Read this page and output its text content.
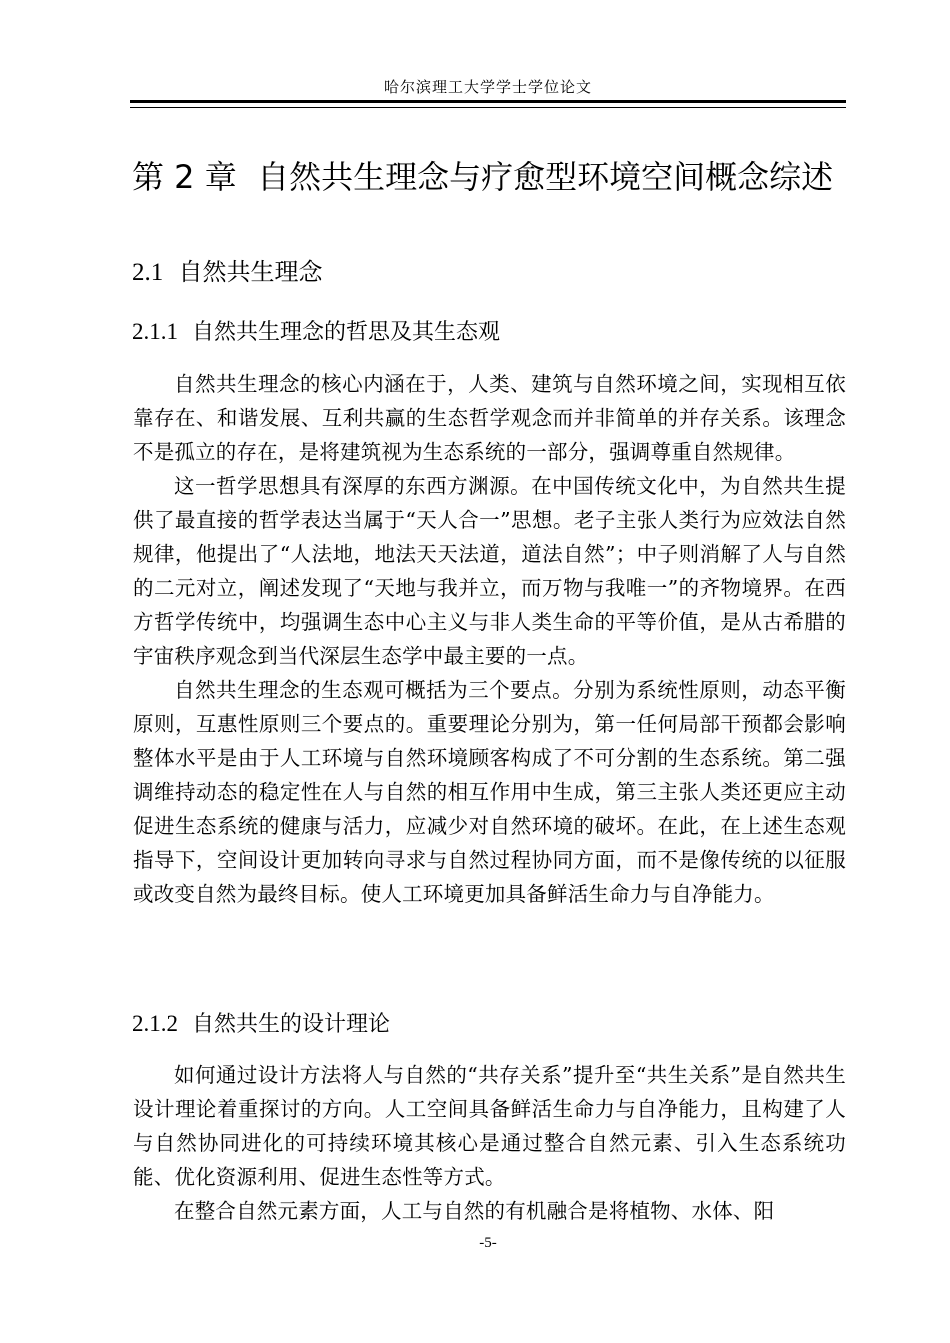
哈尔滨理工大学学士学位论文
第 2 章 自然共生理念与疗愈型环境空间概念综述
2.1 自然共生理念
2.1.1 自然共生理念的哲思及其生态观

自然共生理念的核心内涵在于，人类、建筑与自然环境之间，实现相互依靠存在、和谐发展、互利共赢的生态哲学观念而并非简单的并存关系。该理念不是孤立的存在，是将建筑视为生态系统的一部分，强调尊重自然规律。

这一哲学思想具有深厚的东西方渊源。在中国传统文化中，为自然共生提供了最直接的哲学表达当属于“天人合一”思想。老子主张人类行为应效法自然规律，他提出了“人法地，地法天天法道，道法自然”；中子则消解了人与自然的二元对立，阐述发现了“天地与我并立，而万物与我唯一”的齐物境界。在西方哲学传统中，均强调生态中心主义与非人类生命的平等价值，是从古希腊的宇宙秩序观念到当代深层生态学中最主要的一点。

自然共生理念的生态观可概括为三个要点。分别为系统性原则，动态平衡原则，互惠性原则三个要点的。重要理论分别为，第一任何局部干预都会影响整体水平是由于人工环境与自然环境顾客构成了不可分割的生态系统。第二强调维持动态的稳定性在人与自然的相互作用中生成，第三主张人类还更应主动促进生态系统的健康与活力，应减少对自然环境的破坏。在此，在上述生态观指导下，空间设计更加转向寻求与自然过程协同方面，而不是像传统的以征服或改变自然为最终目标。使人工环境更加具备鲜活生命力与自净能力。

2.1.2 自然共生的设计理论

如何通过设计方法将人与自然的“共存关系”提升至“共生关系”是自然共生设计理论着重探讨的方向。人工空间具备鲜活生命力与自净能力，且构建了人与自然协同进化的可持续环境其核心是通过整合自然元素、引入生态系统功能、优化资源利用、促进生态性等方式。

在整合自然元素方面，人工与自然的有机融合是将植物、水体、阳

-5-
